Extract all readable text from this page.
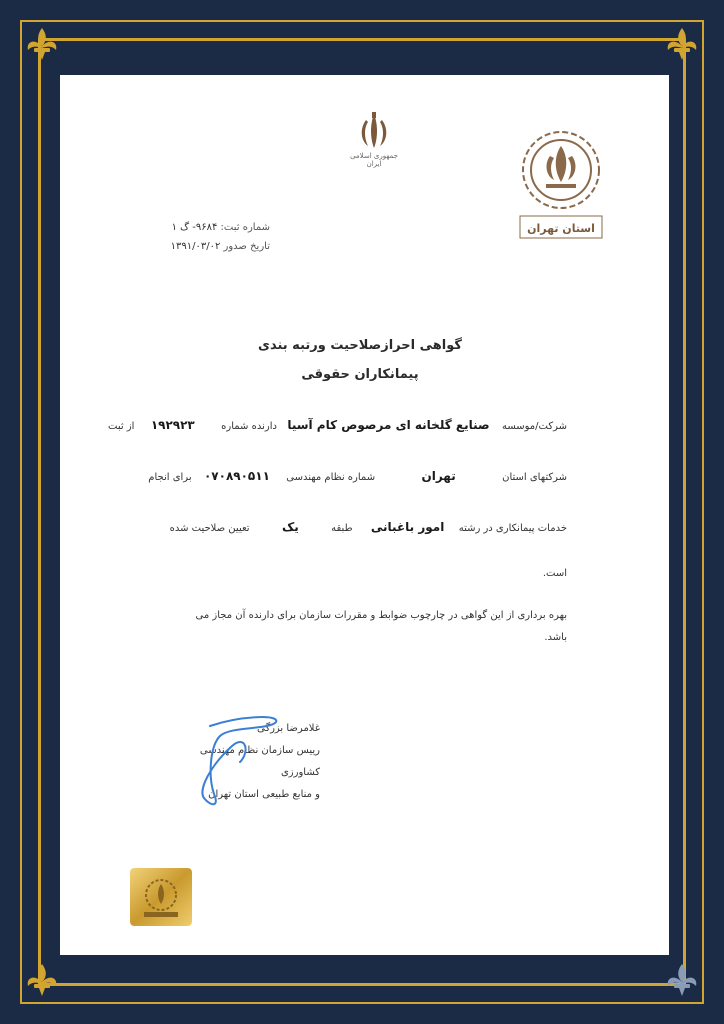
جمهوری اسلامی ایران
استان تهران
شماره ثبت: ۹۶۸۴- گ ۱
تاریخ صدور ۱۳۹۱/۰۳/۰۲
گواهی احرازصلاحیت ورتبه بندی
پیمانکاران حقوقی
شرکت/موسسه  صنایع گلخانه ای مرصوص کام آسیا  دارنده شماره  ۱۹۲۹۲۳  از ثبت
شرکتهای استان  تهران  شماره نظام مهندسی  ۰۷۰۸۹۰۵۱۱  برای انجام
خدمات پیمانکاری در رشته  امور باغبانی  طبقه  یک  تعیین صلاحیت شده
است.
بهره برداری از این گواهی در چارچوب ضوابط و مقررات سازمان برای دارنده آن مجاز می
باشد.
غلامرضا بزرگی
رییس سازمان نظام مهندسی کشاورزی
و منابع طبیعی استان تهران
